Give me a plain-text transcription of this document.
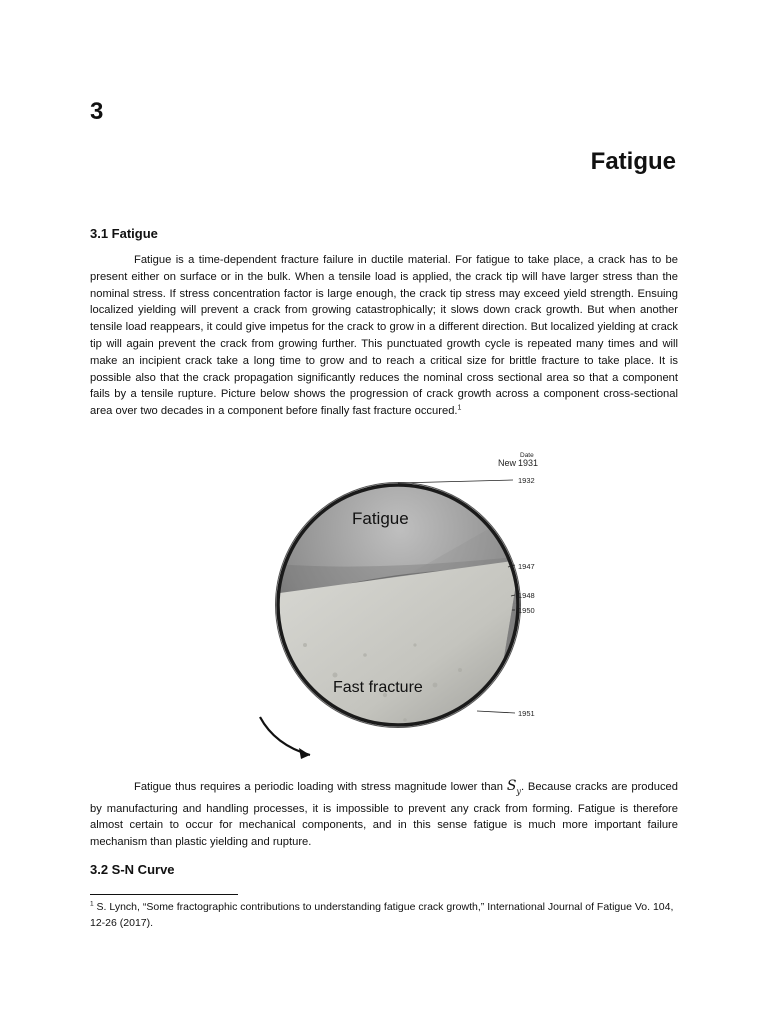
3
Fatigue
3.1 Fatigue

Fatigue is a time-dependent fracture failure in ductile material. For fatigue to take place, a crack has to be present either on surface or in the bulk. When a tensile load is applied, the crack tip will have larger stress than the nominal stress. If stress concentration factor is large enough, the crack tip stress may exceed yield strength. Ensuing localized yielding will prevent a crack from growing catastrophically; it slows down crack growth. But when another tensile load reappears, it could give impetus for the crack to grow in a different direction. But localized yielding at crack tip will again prevent the crack from growing further. This punctuated growth cycle is repeated many times and will make an incipient crack take a long time to grow and to reach a critical size for brittle fracture to take place. It is possible also that the crack propagation significantly reduces the nominal cross sectional area so that a component fails by a tensile rupture. Picture below shows the progression of crack growth across a component cross-sectional area over two decades in a component before finally fast fracture occured.$^1$

Fatigue
Fast fracture
Date
New 1931
1932
1947
1948
1950
1951

Fatigue thus requires a periodic loading with stress magnitude lower than $S_y$. Because cracks are produced by manufacturing and handling processes, it is impossible to prevent any crack from forming. Fatigue is therefore almost certain to occur for mechanical components, and in this sense fatigue is much more important failure mechanism than plastic yielding and rupture.

3.2 S-N Curve

$^1$ S. Lynch, “Some fractographic contributions to understanding fatigue crack growth,” International Journal of Fatigue Vo. 104, 12-26 (2017).
